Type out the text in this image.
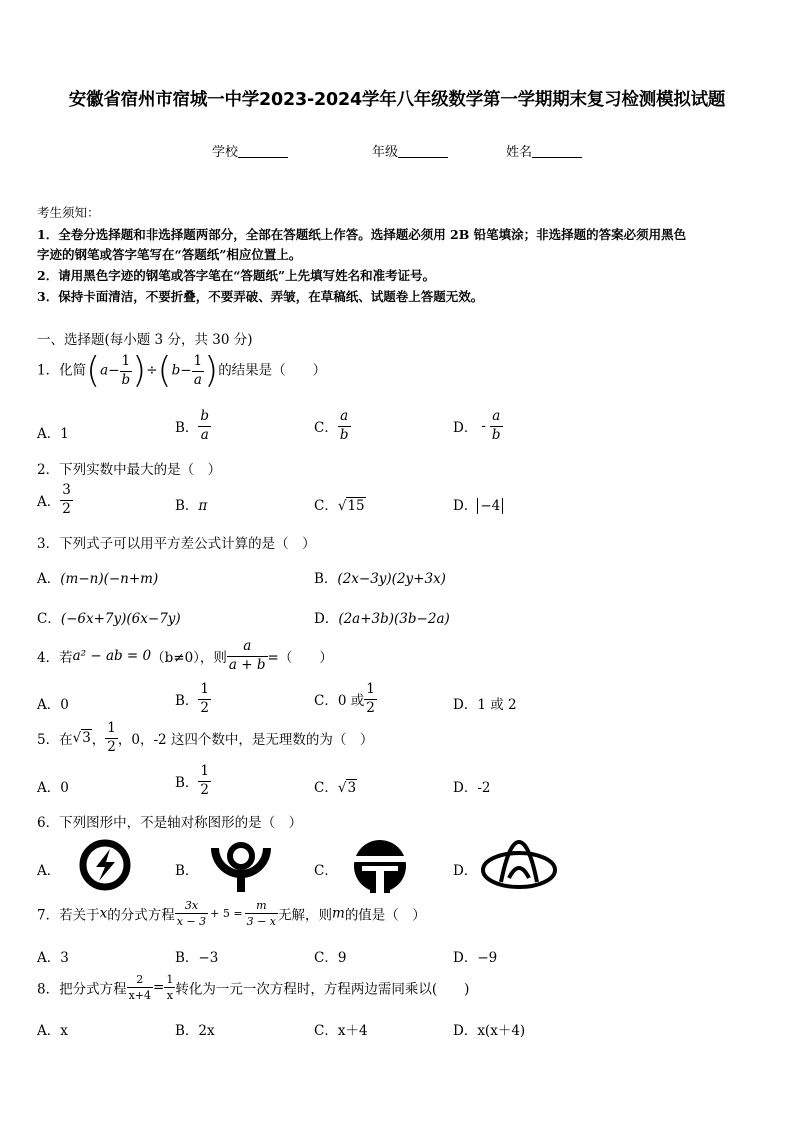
安徽省宿州市宿城一中学2023-2024学年八年级数学第一学期期末复习检测模拟试题
学校	年级	姓名
考生须知：
1．全卷分选择题和非选择题两部分，全部在答题纸上作答。选择题必须用 2B 铅笔填涂；非选择题的答案必须用黑色
字迹的钢笔或答字笔写在“答题纸”相应位置上。
2．请用黑色字迹的钢笔或答字笔在“答题纸”上先填写姓名和准考证号。
3．保持卡面清洁，不要折叠，不要弄破、弄皱，在草稿纸、试题卷上答题无效。
一、选择题(每小题 3 分，共 30 分)
1．化简$(a- \frac{1}{b} )\div(b- \frac{1}{a}$ )的结果是（　　）
A．1	B． $\frac{b}{a}$	C． $\frac{a}{b}$	D． - $\frac{a}{b}$
2．下列实数中最大的是（　）
A． $\frac{3}{2}$	B．π	C．√15	D． −4
3．下列式子可以用平方差公式计算的是（　）
A．(m−n)(−n+m)	B．(2x−3y)(2y+3x)
C．(−6x+7y)(6x−7y)	D．(2a+3b)(3b−2a)
4．若a² − ab = 0（b≠0），则 $\frac{a}{a + b}$ =（　　）
A．0	B． $\frac{1}{2}$	C．0 或 $\frac{1}{2}$	D．1 或 2
5．在√3， $\frac{1}{2}$ ，0，-2 这四个数中，是无理数的为（　）
A．0	B． $\frac{1}{2}$	C．√3	D．-2
6．下列图形中，不是轴对称图形的是（　）
A．	B．	C．	D．
7．若关于x的分式方程 $\frac{3x}{x - 3} + 5 = \frac{m}{3 - x}$ 无解，则m的值是（　）
A．3	B．−3	C．9	D．−9
8．把分式方程 $\frac{2}{x+4} = \frac{1}{x}$ 转化为一元一次方程时，方程两边需同乘以(　　)
A．x	B．2x	C．x＋4	D．x(x＋4)
